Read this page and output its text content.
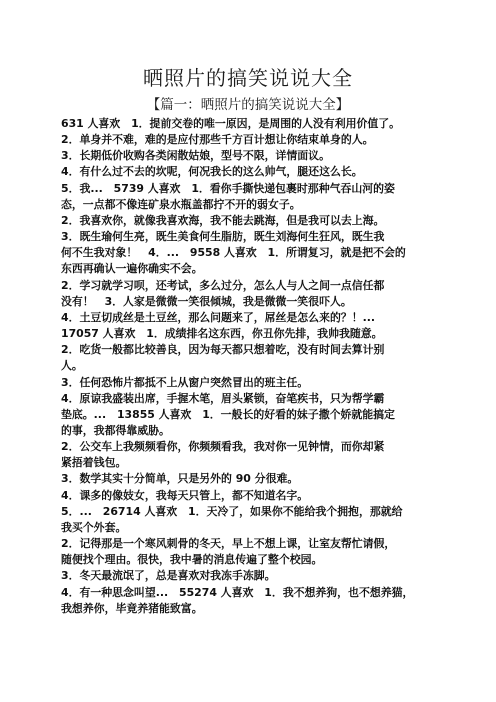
晒照片的搞笑说说大全

【篇一：晒照片的搞笑说说大全】

631 人喜欢　1．提前交卷的唯一原因，是周围的人没有利用价值了。

2．单身并不难，难的是应付那些千方百计想让你结束单身的人。

3．长期低价收购各类闲散姑娘，型号不限，详情面议。

4．有什么过不去的坎呢，何况我长的这么帅气，腿还这么长。

5．我...　5739 人喜欢　1．看你手撕快递包裹时那种气吞山河的姿

态，一点都不像连矿泉水瓶盖都拧不开的弱女子。

2．我喜欢你，就像我喜欢海，我不能去跳海，但是我可以去上海。

3．既生瑜何生亮，既生美食何生脂肪，既生刘海何生狂风，既生我

何不生我对象！　4．...　9558 人喜欢　1．所谓复习，就是把不会的

东西再确认一遍你确实不会。

2．学习就学习呗，还考试，多么过分，怎么人与人之间一点信任都

没有！　3．人家是微微一笑很倾城，我是微微一笑很吓人。

4．土豆切成丝是土豆丝，那么问题来了，屌丝是怎么来的？！...

17057 人喜欢　1．成绩排名这东西，你丑你先排，我帅我随意。

2．吃货一般都比较善良，因为每天都只想着吃，没有时间去算计别

人。

3．任何恐怖片都抵不上从窗户突然冒出的班主任。

4．原谅我盛装出席，手握木笔，眉头紧锁，奋笔疾书，只为帮学霸

垫底。...　13855 人喜欢　1．一般长的好看的妹子撒个娇就能搞定

的事，我都得靠威胁。

2．公交车上我频频看你，你频频看我，我对你一见钟情，而你却紧

紧捂着钱包。

3．数学其实十分简单，只是另外的 90 分很难。

4．课多的像妓女，我每天只管上，都不知道名字。

5．...　26714 人喜欢　1．天冷了，如果你不能给我个拥抱，那就给

我买个外套。

2．记得那是一个寒风刺骨的冬天，早上不想上课，让室友帮忙请假，

随便找个理由。很快，我中暑的消息传遍了整个校园。

3．冬天最流氓了，总是喜欢对我冻手冻脚。

4．有一种思念叫望...　55274 人喜欢　1．我不想养狗，也不想养猫，

我想养你，毕竟养猪能致富。
